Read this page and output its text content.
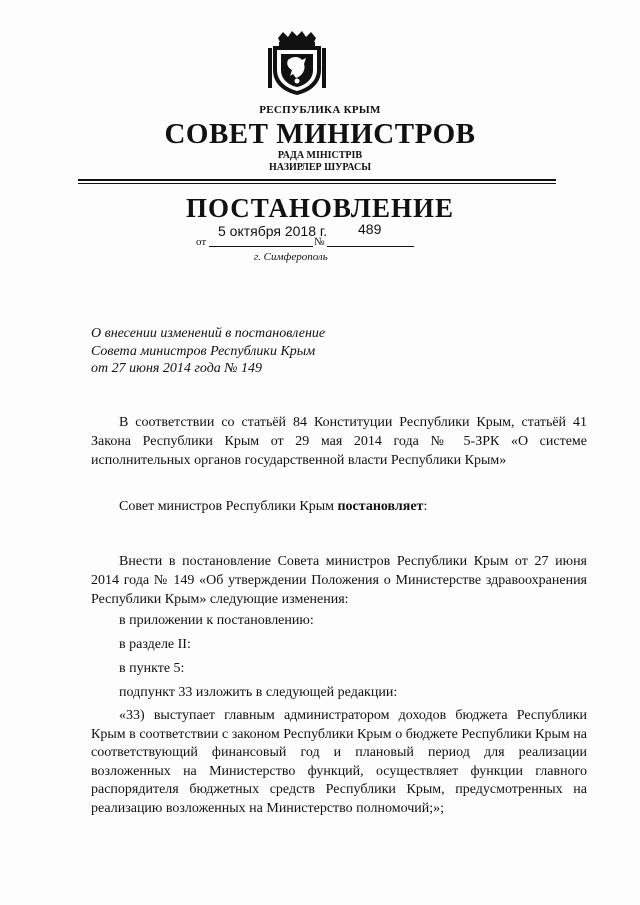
РЕСПУБЛИКА КРЫМ
СОВЕТ МИНИСТРОВ
РАДА МІНІСТРІВ
НАЗИРЛЕР ШУРАСЫ
ПОСТАНОВЛЕНИЕ
5 октября 2018 г. 489
от	№
г. Симферополь
О внесении изменений в постановление
Совета министров Республики Крым
от 27 июня 2014 года № 149
В соответствии со статьёй 84 Конституции Республики Крым, статьёй 41 Закона Республики Крым от 29 мая 2014 года № 5-ЗРК «О системе исполнительных органов государственной власти Республики Крым»
Совет министров Республики Крым постановляет:
Внести в постановление Совета министров Республики Крым от 27 июня 2014 года № 149 «Об утверждении Положения о Министерстве здравоохранения Республики Крым» следующие изменения:
в приложении к постановлению:
в разделе II:
в пункте 5:
подпункт 33 изложить в следующей редакции:
«33) выступает главным администратором доходов бюджета Республики Крым в соответствии с законом Республики Крым о бюджете Республики Крым на соответствующий финансовый год и плановый период для реализации возложенных на Министерство функций, осуществляет функции главного распорядителя бюджетных средств Республики Крым, предусмотренных на реализацию возложенных на Министерство полномочий;»;
